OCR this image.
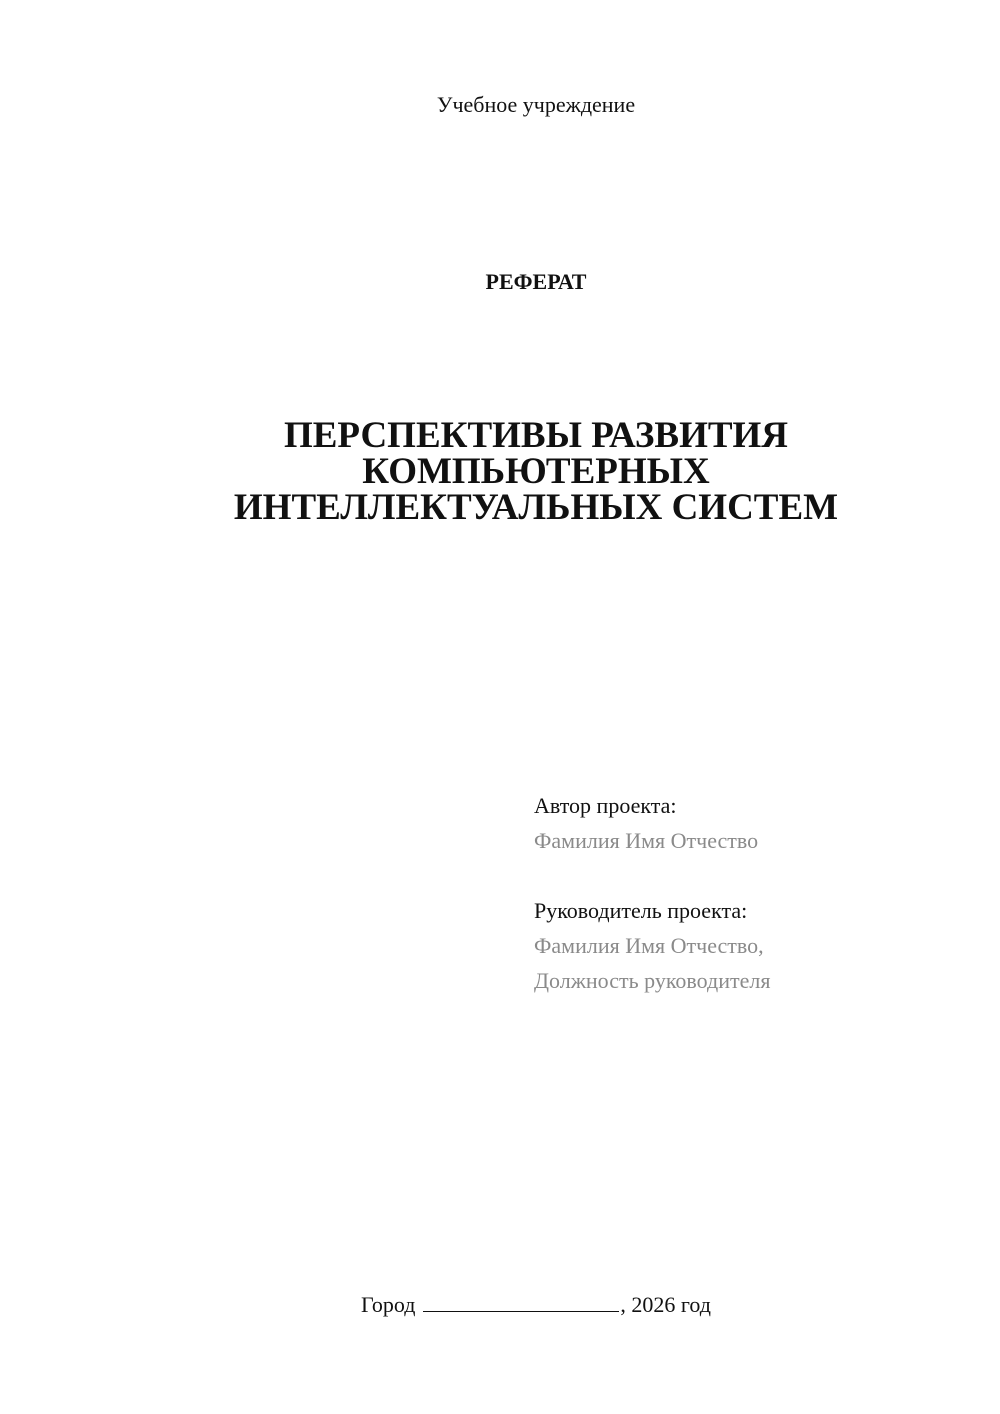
Учебное учреждение
РЕФЕРАТ
ПЕРСПЕКТИВЫ РАЗВИТИЯ
КОМПЬЮТЕРНЫХ
ИНТЕЛЛЕКТУАЛЬНЫХ СИСТЕМ
Автор проекта:
Фамилия Имя Отчество
Руководитель проекта:
Фамилия Имя Отчество,
Должность руководителя
Город	, 2026 год
